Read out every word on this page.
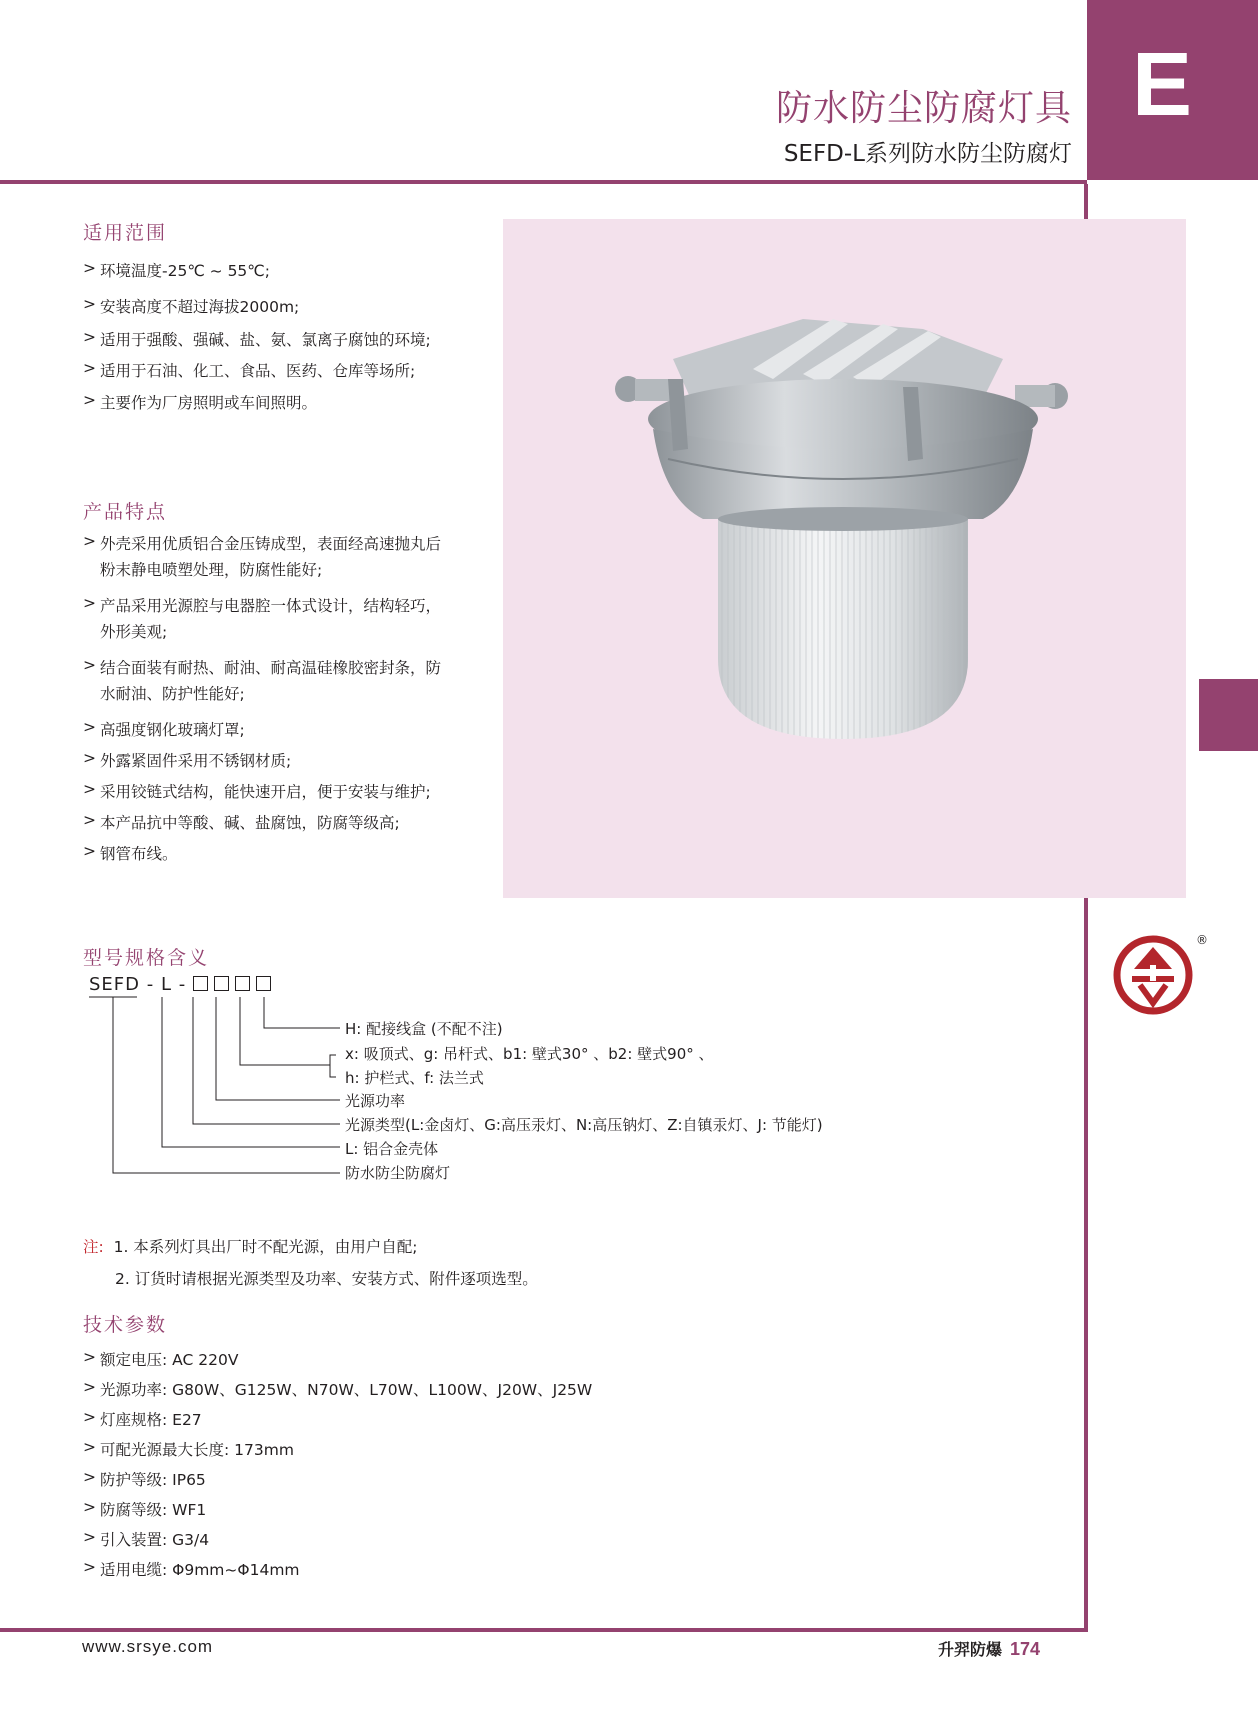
防水防尘防腐灯具
SEFD-L系列防水防尘防腐灯
E
适用范围
> 环境温度-25℃ ~ 55℃;
> 安装高度不超过海拔2000m;
> 适用于强酸、强碱、盐、氨、氯离子腐蚀的环境;
> 适用于石油、化工、食品、医药、仓库等场所;
> 主要作为厂房照明或车间照明。
产品特点
> 外壳采用优质铝合金压铸成型，表面经高速抛丸后
粉末静电喷塑处理，防腐性能好;
> 产品采用光源腔与电器腔一体式设计，结构轻巧，
外形美观;
> 结合面装有耐热、耐油、耐高温硅橡胶密封条，防
水耐油、防护性能好;
> 高强度钢化玻璃灯罩;
> 外露紧固件采用不锈钢材质;
> 采用铰链式结构，能快速开启，便于安装与维护;
> 本产品抗中等酸、碱、盐腐蚀，防腐等级高;
> 钢管布线。
型号规格含义
SEFD - L -
H: 配接线盒 (不配不注)
x: 吸顶式、g: 吊杆式、b1: 壁式30° 、b2: 壁式90° 、
h: 护栏式、f: 法兰式
光源功率
光源类型(L:金卤灯、G:高压汞灯、N:高压钠灯、Z:自镇汞灯、J: 节能灯)
L: 铝合金壳体
防水防尘防腐灯
注: 1. 本系列灯具出厂时不配光源，由用户自配;
2. 订货时请根据光源类型及功率、安装方式、附件逐项选型。
技术参数
> 额定电压: AC 220V
> 光源功率: G80W、G125W、N70W、L70W、L100W、J20W、J25W
> 灯座规格: E27
> 可配光源最大长度: 173mm
> 防护等级: IP65
> 防腐等级: WF1
> 引入装置: G3/4
> 适用电缆: Φ9mm~Φ14mm
®
www.srsye.com	升羿防爆 174
